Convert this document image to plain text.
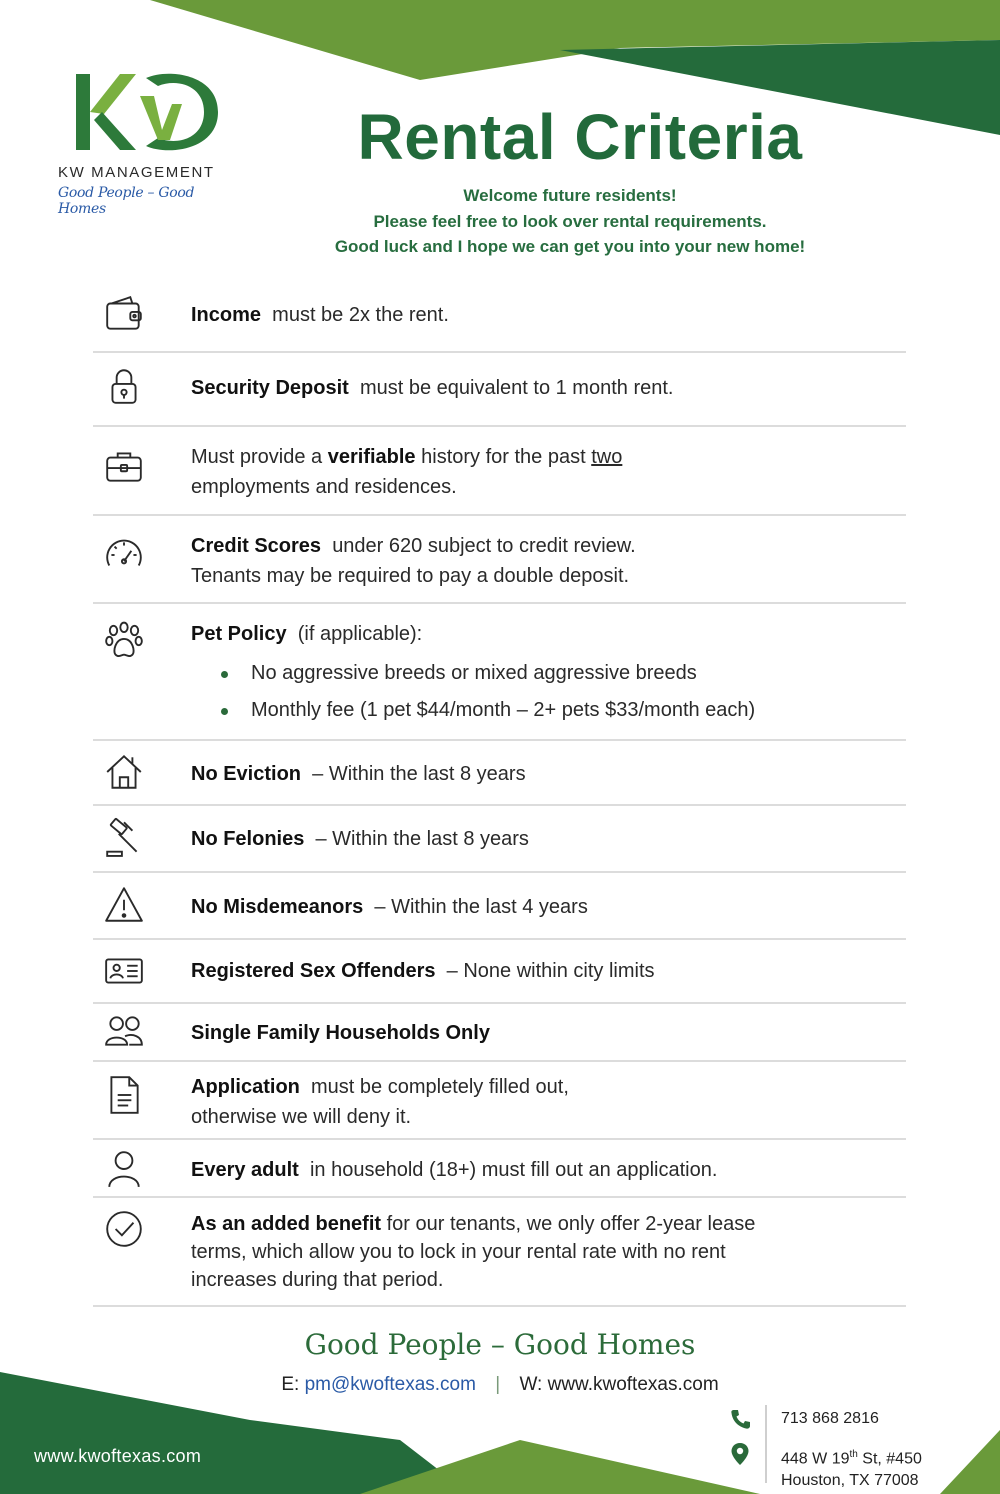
KW MANAGEMENT
Good People – Good Homes
Rental Criteria
Welcome future residents!
Please feel free to look over rental requirements.
Good luck and I hope we can get you into your new home!
Income must be 2x the rent.
Security Deposit must be equivalent to 1 month rent.
Must provide a verifiable history for the past two
employments and residences.
Credit Scores under 620 subject to credit review.
Tenants may be required to pay a double deposit.
Pet Policy (if applicable):
No aggressive breeds or mixed aggressive breeds
Monthly fee (1 pet $44/month – 2+ pets $33/month each)
No Eviction – Within the last 8 years
No Felonies – Within the last 8 years
No Misdemeanors – Within the last 4 years
Registered Sex Offenders – None within city limits
Single Family Households Only
Application must be completely filled out,
otherwise we will deny it.
Every adult in household (18+) must fill out an application.
As an added benefit for our tenants, we only offer 2-year lease terms, which allow you to lock in your rental rate with no rent increases during that period.
Good People – Good Homes
E: pm@kwoftexas.com | W: www.kwoftexas.com
www.kwoftexas.com
713 868 2816
448 W 19th St, #450
Houston, TX 77008
